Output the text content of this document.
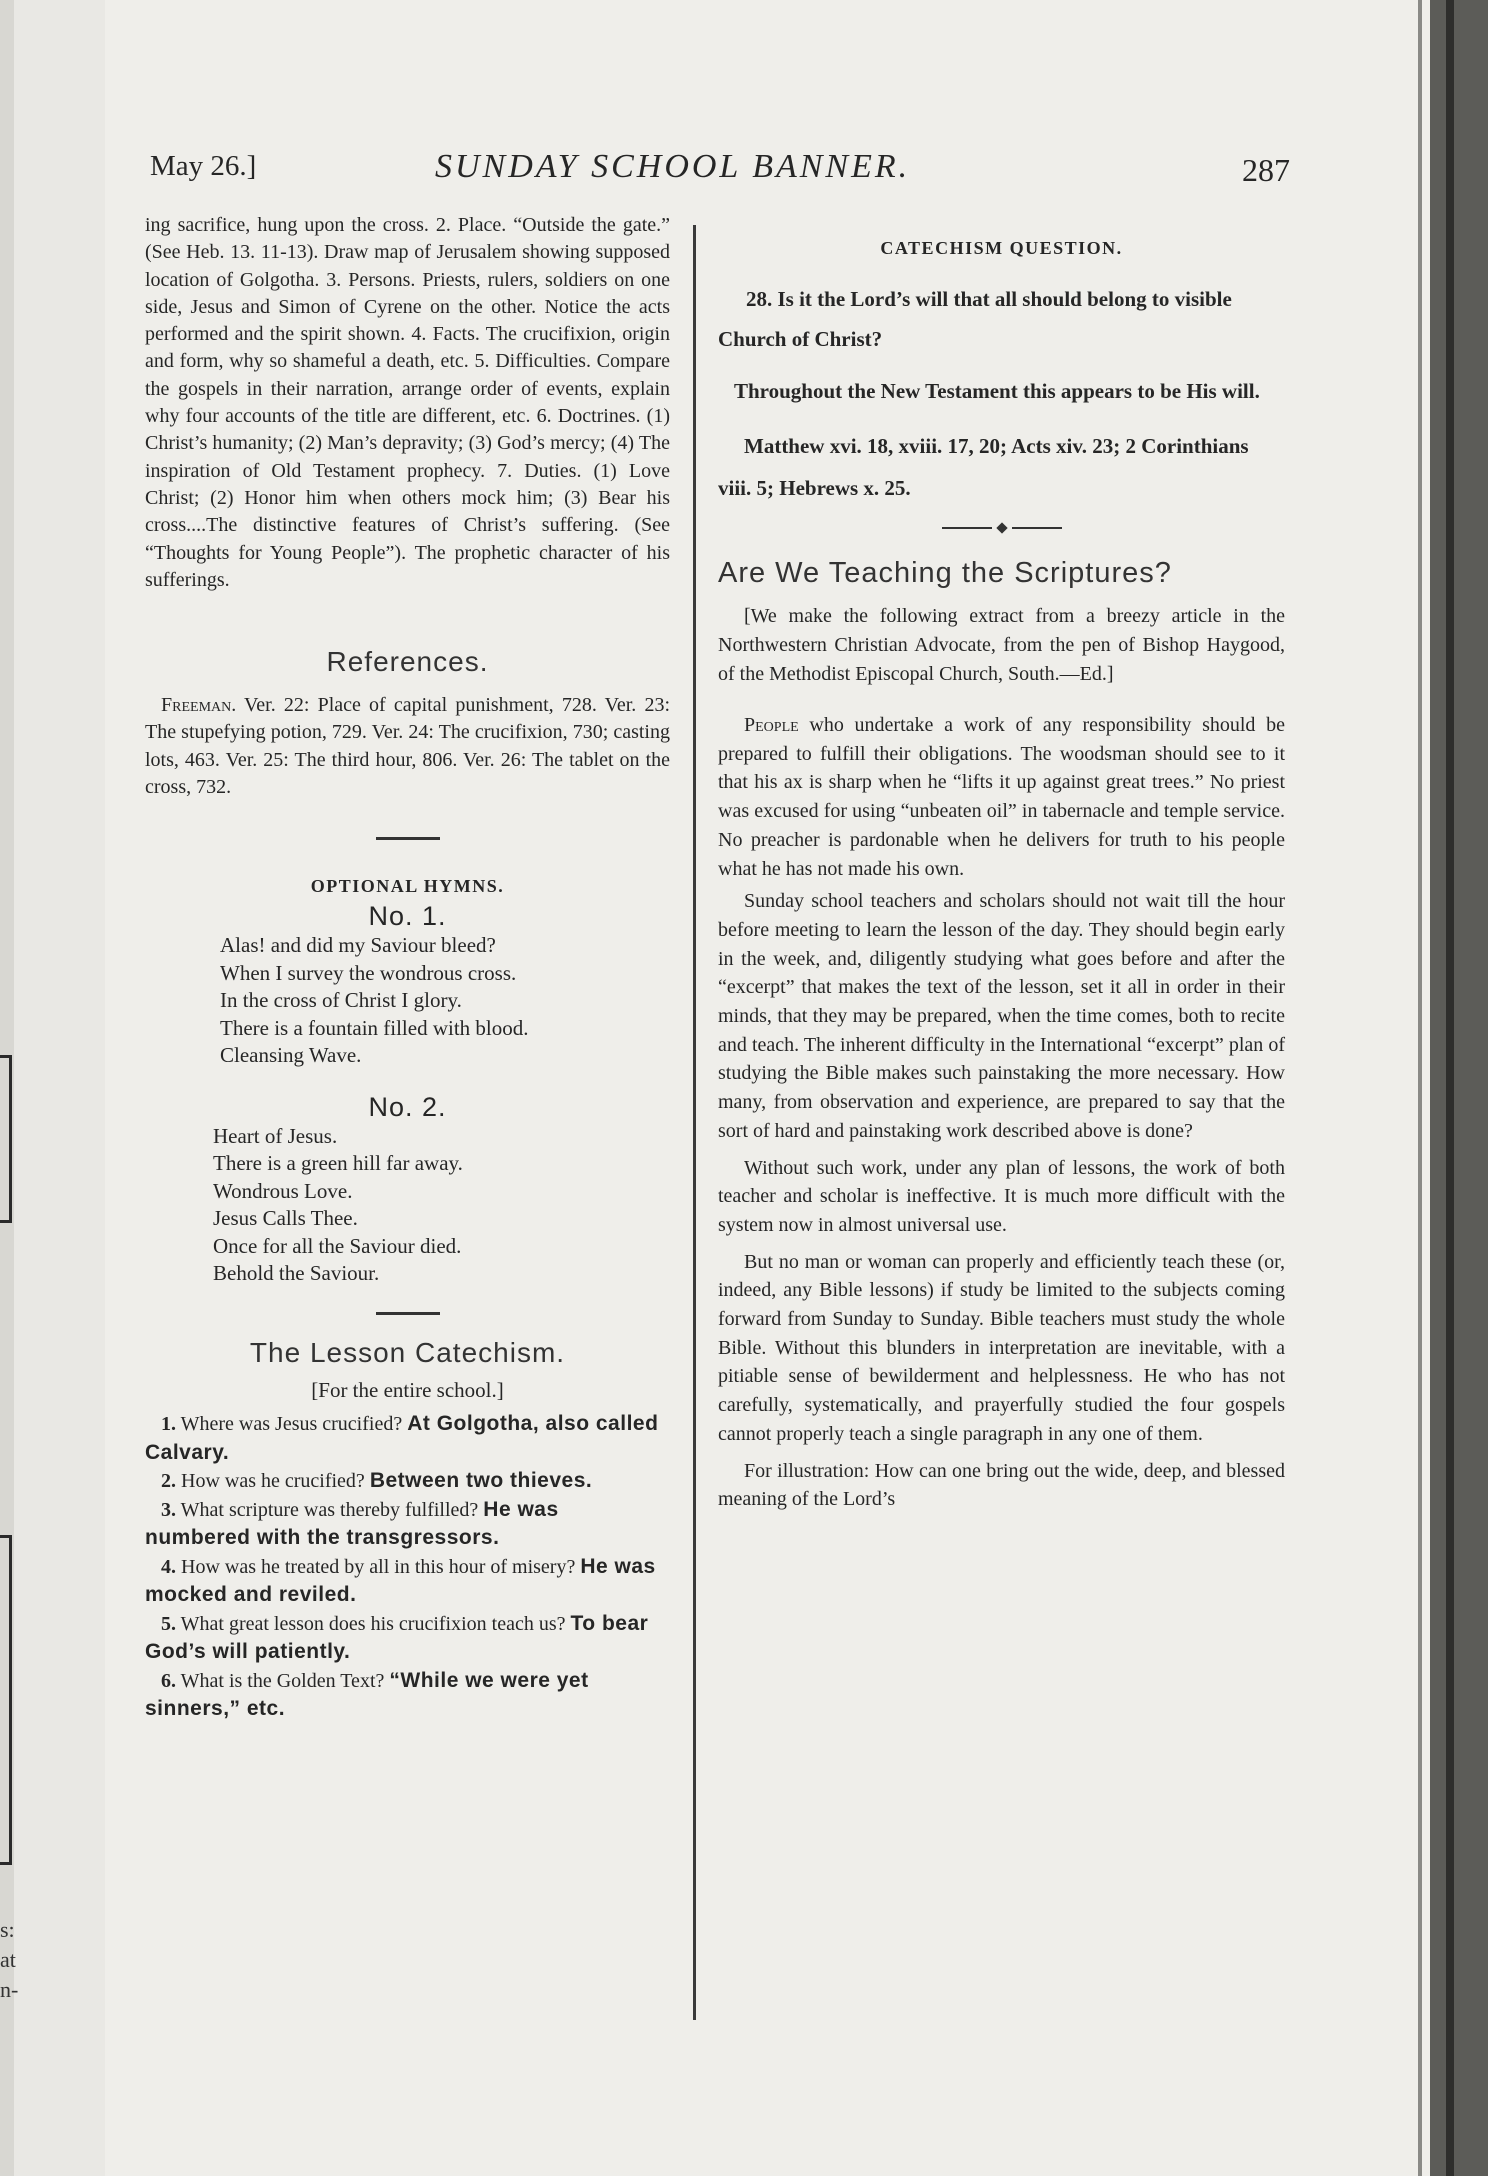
s:
at
n-
May 26.]	SUNDAY SCHOOL BANNER.	287

ing sacrifice, hung upon the cross. 2. Place. “Outside the gate.” (See Heb. 13. 11-13). Draw map of Jerusalem showing supposed location of Golgotha. 3. Persons. Priests, rulers, soldiers on one side, Jesus and Simon of Cyrene on the other. Notice the acts performed and the spirit shown. 4. Facts. The crucifixion, origin and form, why so shameful a death, etc. 5. Difficulties. Compare the gospels in their narration, arrange order of events, explain why four accounts of the title are different, etc. 6. Doctrines. (1) Christ’s humanity; (2) Man’s depravity; (3) God’s mercy; (4) The inspiration of Old Testament prophecy. 7. Duties. (1) Love Christ; (2) Honor him when others mock him; (3) Bear his cross....The distinctive features of Christ’s suffering. (See “Thoughts for Young People”). The prophetic character of his sufferings.

References.

Freeman. Ver. 22: Place of capital punishment, 728. Ver. 23: The stupefying potion, 729. Ver. 24: The crucifixion, 730; casting lots, 463. Ver. 25: The third hour, 806. Ver. 26: The tablet on the cross, 732.

OPTIONAL HYMNS.
No. 1.
Alas! and did my Saviour bleed?
When I survey the wondrous cross.
In the cross of Christ I glory.
There is a fountain filled with blood.
Cleansing Wave.
No. 2.
Heart of Jesus.
There is a green hill far away.
Wondrous Love.
Jesus Calls Thee.
Once for all the Saviour died.
Behold the Saviour.
The Lesson Catechism.
[For the entire school.]

1. Where was Jesus crucified? At Golgotha, also called Calvary.

2. How was he crucified? Between two thieves.

3. What scripture was thereby fulfilled? He was numbered with the transgressors.

4. How was he treated by all in this hour of misery? He was mocked and reviled.

5. What great lesson does his crucifixion teach us? To bear God’s will patiently.

6. What is the Golden Text? “While we were yet sinners,” etc.

CATECHISM QUESTION.

28. Is it the Lord’s will that all should belong to visible Church of Christ?

Throughout the New Testament this appears to be His will.

Matthew xvi. 18, xviii. 17, 20; Acts xiv. 23; 2 Corinthians viii. 5; Hebrews x. 25.

Are We Teaching the Scriptures?

[We make the following extract from a breezy article in the Northwestern Christian Advocate, from the pen of Bishop Haygood, of the Methodist Episcopal Church, South.—Ed.]

People who undertake a work of any responsibility should be prepared to fulfill their obligations. The woodsman should see to it that his ax is sharp when he “lifts it up against great trees.” No priest was excused for using “unbeaten oil” in tabernacle and temple service. No preacher is pardonable when he delivers for truth to his people what he has not made his own.

Sunday school teachers and scholars should not wait till the hour before meeting to learn the lesson of the day. They should begin early in the week, and, diligently studying what goes before and after the “excerpt” that makes the text of the lesson, set it all in order in their minds, that they may be prepared, when the time comes, both to recite and teach. The inherent difficulty in the International “excerpt” plan of studying the Bible makes such painstaking the more necessary. How many, from observation and experience, are prepared to say that the sort of hard and painstaking work described above is done?

Without such work, under any plan of lessons, the work of both teacher and scholar is ineffective. It is much more difficult with the system now in almost universal use.

But no man or woman can properly and efficiently teach these (or, indeed, any Bible lessons) if study be limited to the subjects coming forward from Sunday to Sunday. Bible teachers must study the whole Bible. Without this blunders in interpretation are inevitable, with a pitiable sense of bewilderment and helplessness. He who has not carefully, systematically, and prayerfully studied the four gospels cannot properly teach a single paragraph in any one of them.

For illustration: How can one bring out the wide, deep, and blessed meaning of the Lord’s
